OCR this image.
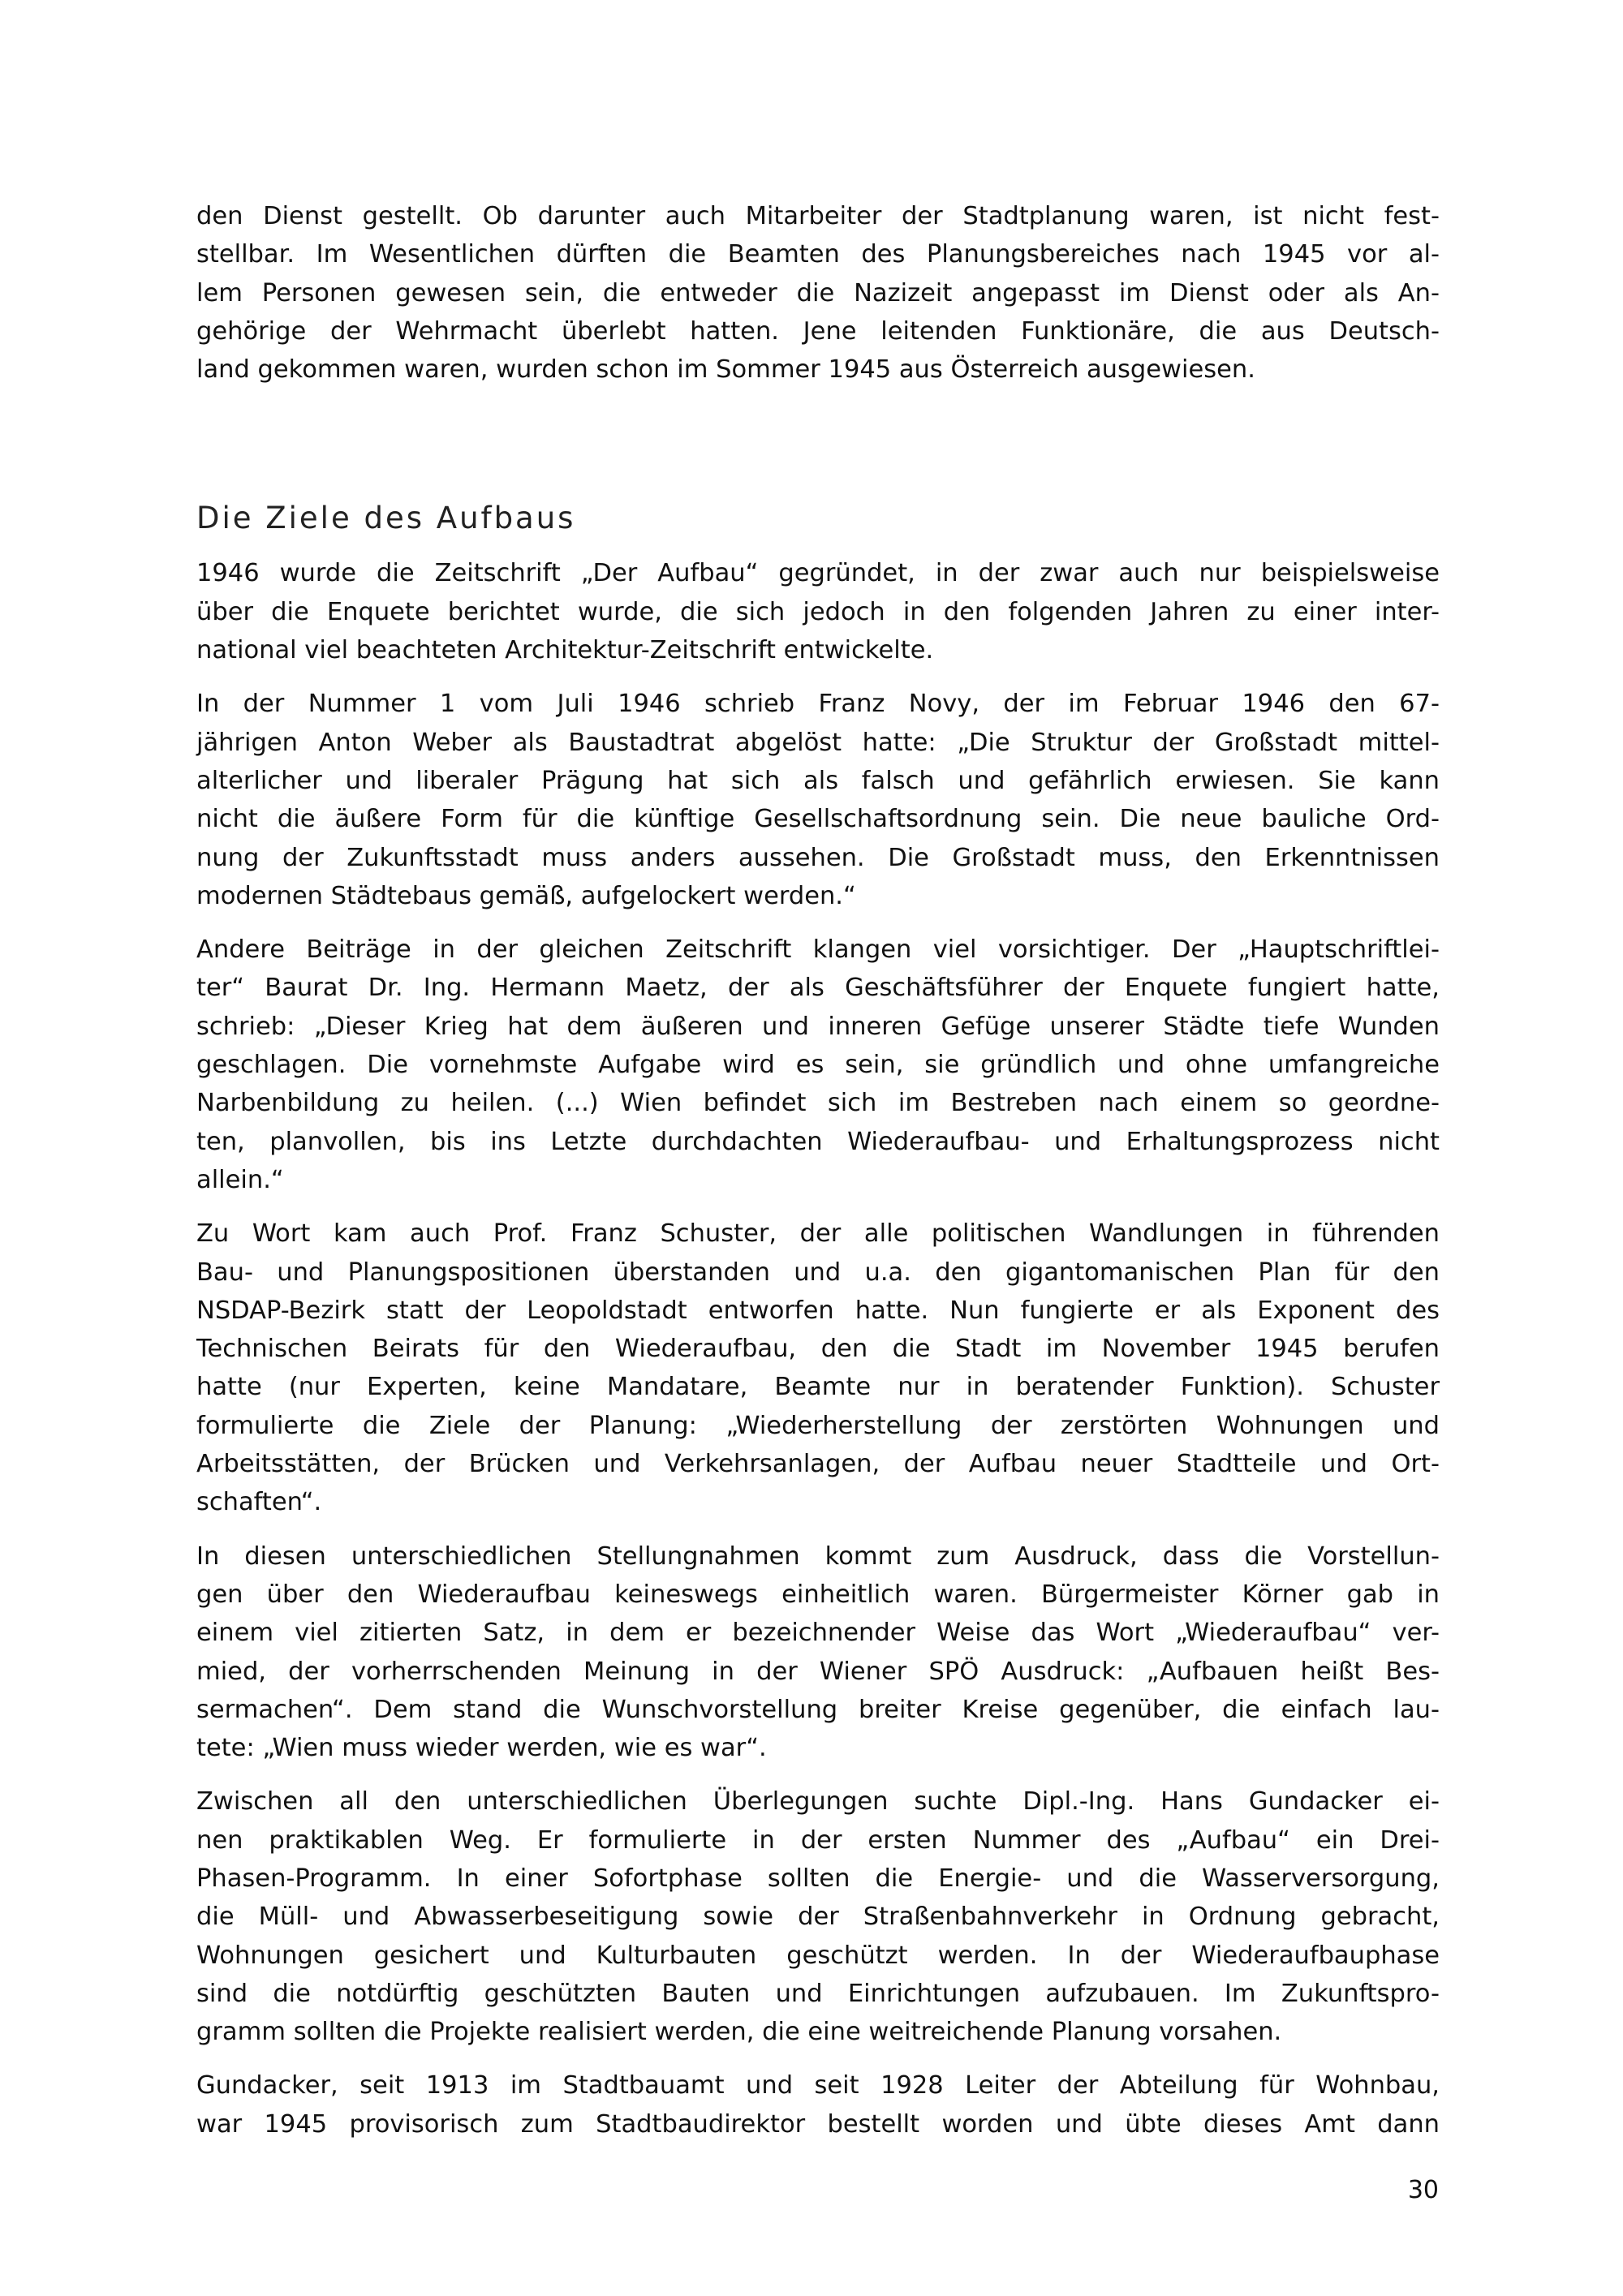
den Dienst gestellt. Ob darunter auch Mitarbeiter der Stadtplanung waren, ist nicht fest-
stellbar. Im Wesentlichen dürften die Beamten des Planungsbereiches nach 1945 vor al-
lem Personen gewesen sein, die entweder die Nazizeit angepasst im Dienst oder als An-
gehörige der Wehrmacht überlebt hatten. Jene leitenden Funktionäre, die aus Deutsch-
land gekommen waren, wurden schon im Sommer 1945 aus Österreich ausgewiesen.

Die Ziele des Aufbaus

1946 wurde die Zeitschrift „Der Aufbau“ gegründet, in der zwar auch nur beispielsweise
über die Enquete berichtet wurde, die sich jedoch in den folgenden Jahren zu einer inter-
national viel beachteten Architektur-Zeitschrift entwickelte.

In der Nummer 1 vom Juli 1946 schrieb Franz Novy, der im Februar 1946 den 67-
jährigen Anton Weber als Baustadtrat abgelöst hatte: „Die Struktur der Großstadt mittel-
alterlicher und liberaler Prägung hat sich als falsch und gefährlich erwiesen. Sie kann
nicht die äußere Form für die künftige Gesellschaftsordnung sein. Die neue bauliche Ord-
nung der Zukunftsstadt muss anders aussehen. Die Großstadt muss, den Erkenntnissen
modernen Städtebaus gemäß, aufgelockert werden.“

Andere Beiträge in der gleichen Zeitschrift klangen viel vorsichtiger. Der „Hauptschriftlei-
ter“ Baurat Dr. Ing. Hermann Maetz, der als Geschäftsführer der Enquete fungiert hatte,
schrieb: „Dieser Krieg hat dem äußeren und inneren Gefüge unserer Städte tiefe Wunden
geschlagen. Die vornehmste Aufgabe wird es sein, sie gründlich und ohne umfangreiche
Narbenbildung zu heilen. (...) Wien befindet sich im Bestreben nach einem so geordne-
ten, planvollen, bis ins Letzte durchdachten Wiederaufbau- und Erhaltungsprozess nicht
allein.“

Zu Wort kam auch Prof. Franz Schuster, der alle politischen Wandlungen in führenden
Bau- und Planungspositionen überstanden und u.a. den gigantomanischen Plan für den
NSDAP-Bezirk statt der Leopoldstadt entworfen hatte. Nun fungierte er als Exponent des
Technischen Beirats für den Wiederaufbau, den die Stadt im November 1945 berufen
hatte (nur Experten, keine Mandatare, Beamte nur in beratender Funktion). Schuster
formulierte die Ziele der Planung: „Wiederherstellung der zerstörten Wohnungen und
Arbeitsstätten, der Brücken und Verkehrsanlagen, der Aufbau neuer Stadtteile und Ort-
schaften“.

In diesen unterschiedlichen Stellungnahmen kommt zum Ausdruck, dass die Vorstellun-
gen über den Wiederaufbau keineswegs einheitlich waren. Bürgermeister Körner gab in
einem viel zitierten Satz, in dem er bezeichnender Weise das Wort „Wiederaufbau“ ver-
mied, der vorherrschenden Meinung in der Wiener SPÖ Ausdruck: „Aufbauen heißt Bes-
sermachen“. Dem stand die Wunschvorstellung breiter Kreise gegenüber, die einfach lau-
tete: „Wien muss wieder werden, wie es war“.

Zwischen all den unterschiedlichen Überlegungen suchte Dipl.-Ing. Hans Gundacker ei-
nen praktikablen Weg. Er formulierte in der ersten Nummer des „Aufbau“ ein Drei-
Phasen-Programm. In einer Sofortphase sollten die Energie- und die Wasserversorgung,
die Müll- und Abwasserbeseitigung sowie der Straßenbahnverkehr in Ordnung gebracht,
Wohnungen gesichert und Kulturbauten geschützt werden. In der Wiederaufbauphase
sind die notdürftig geschützten Bauten und Einrichtungen aufzubauen. Im Zukunftspro-
gramm sollten die Projekte realisiert werden, die eine weitreichende Planung vorsahen.

Gundacker, seit 1913 im Stadtbauamt und seit 1928 Leiter der Abteilung für Wohnbau,
war 1945 provisorisch zum Stadtbaudirektor bestellt worden und übte dieses Amt dann

30
